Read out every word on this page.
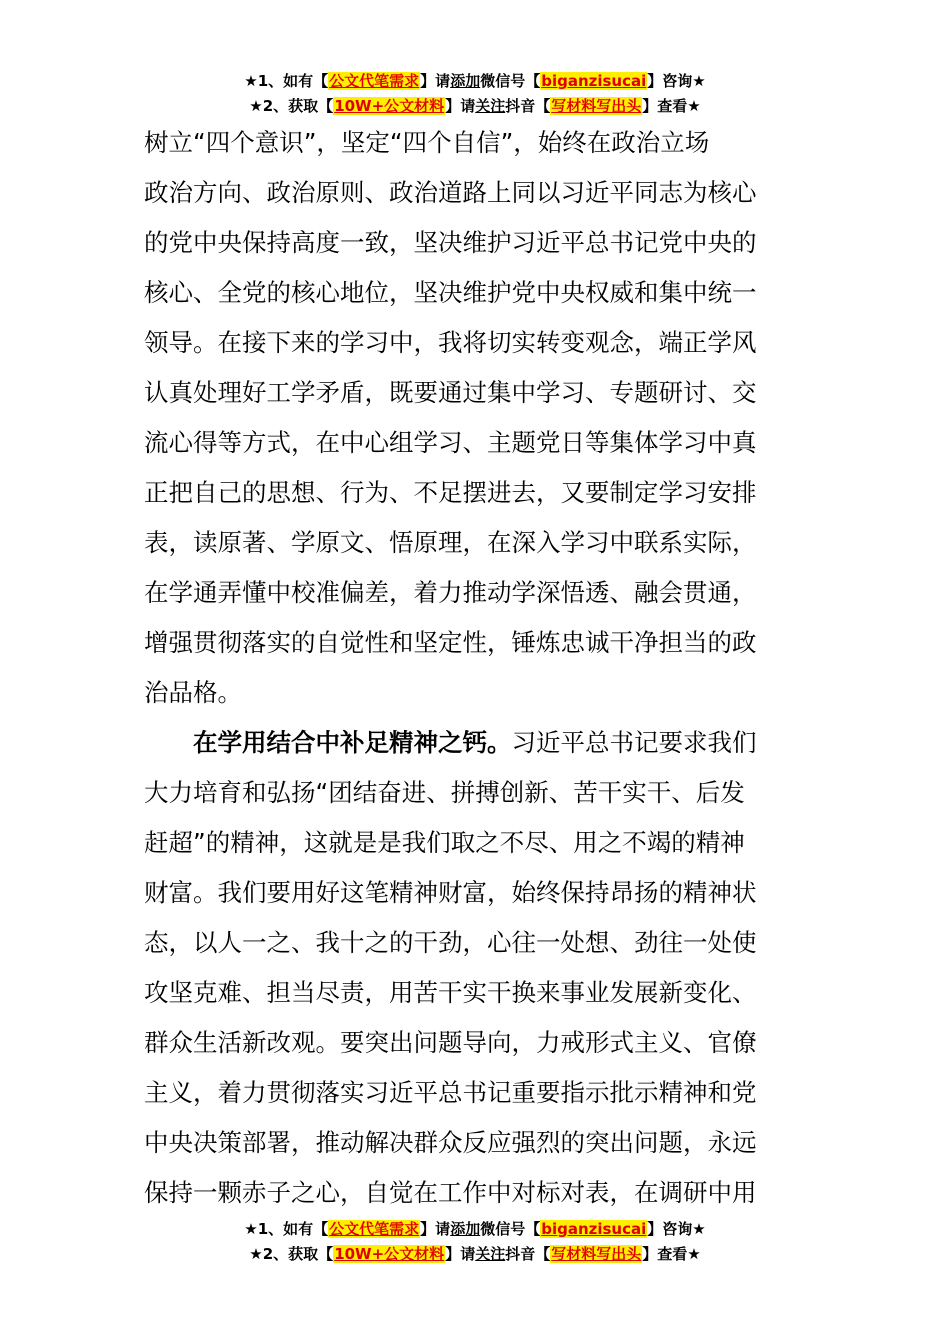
★1、如有【公文代笔需求】请添加微信号【biganzisucai】咨询★
★2、获取【10W+公文材料】请关注抖音【写材料写出头】查看★

树立“四个意识”，坚定“四个自信”，始终在政治立场

政治方向、政治原则、政治道路上同以习近平同志为核心

的党中央保持高度一致，坚决维护习近平总书记党中央的

核心、全党的核心地位，坚决维护党中央权威和集中统一

领导。在接下来的学习中，我将切实转变观念，端正学风

认真处理好工学矛盾，既要通过集中学习、专题研讨、交

流心得等方式，在中心组学习、主题党日等集体学习中真

正把自己的思想、行为、不足摆进去，又要制定学习安排

表，读原著、学原文、悟原理，在深入学习中联系实际，

在学通弄懂中校准偏差，着力推动学深悟透、融会贯通，

增强贯彻落实的自觉性和坚定性，锤炼忠诚干净担当的政

治品格。

在学用结合中补足精神之钙。习近平总书记要求我们

大力培育和弘扬“团结奋进、拼搏创新、苦干实干、后发

赶超”的精神，这就是是我们取之不尽、用之不竭的精神

财富。我们要用好这笔精神财富，始终保持昂扬的精神状

态，以人一之、我十之的干劲，心往一处想、劲往一处使

攻坚克难、担当尽责，用苦干实干换来事业发展新变化、

群众生活新改观。要突出问题导向，力戒形式主义、官僚

主义，着力贯彻落实习近平总书记重要指示批示精神和党

中央决策部署，推动解决群众反应强烈的突出问题，永远

保持一颗赤子之心，自觉在工作中对标对表，在调研中用

★1、如有【公文代笔需求】请添加微信号【biganzisucai】咨询★
★2、获取【10W+公文材料】请关注抖音【写材料写出头】查看★
